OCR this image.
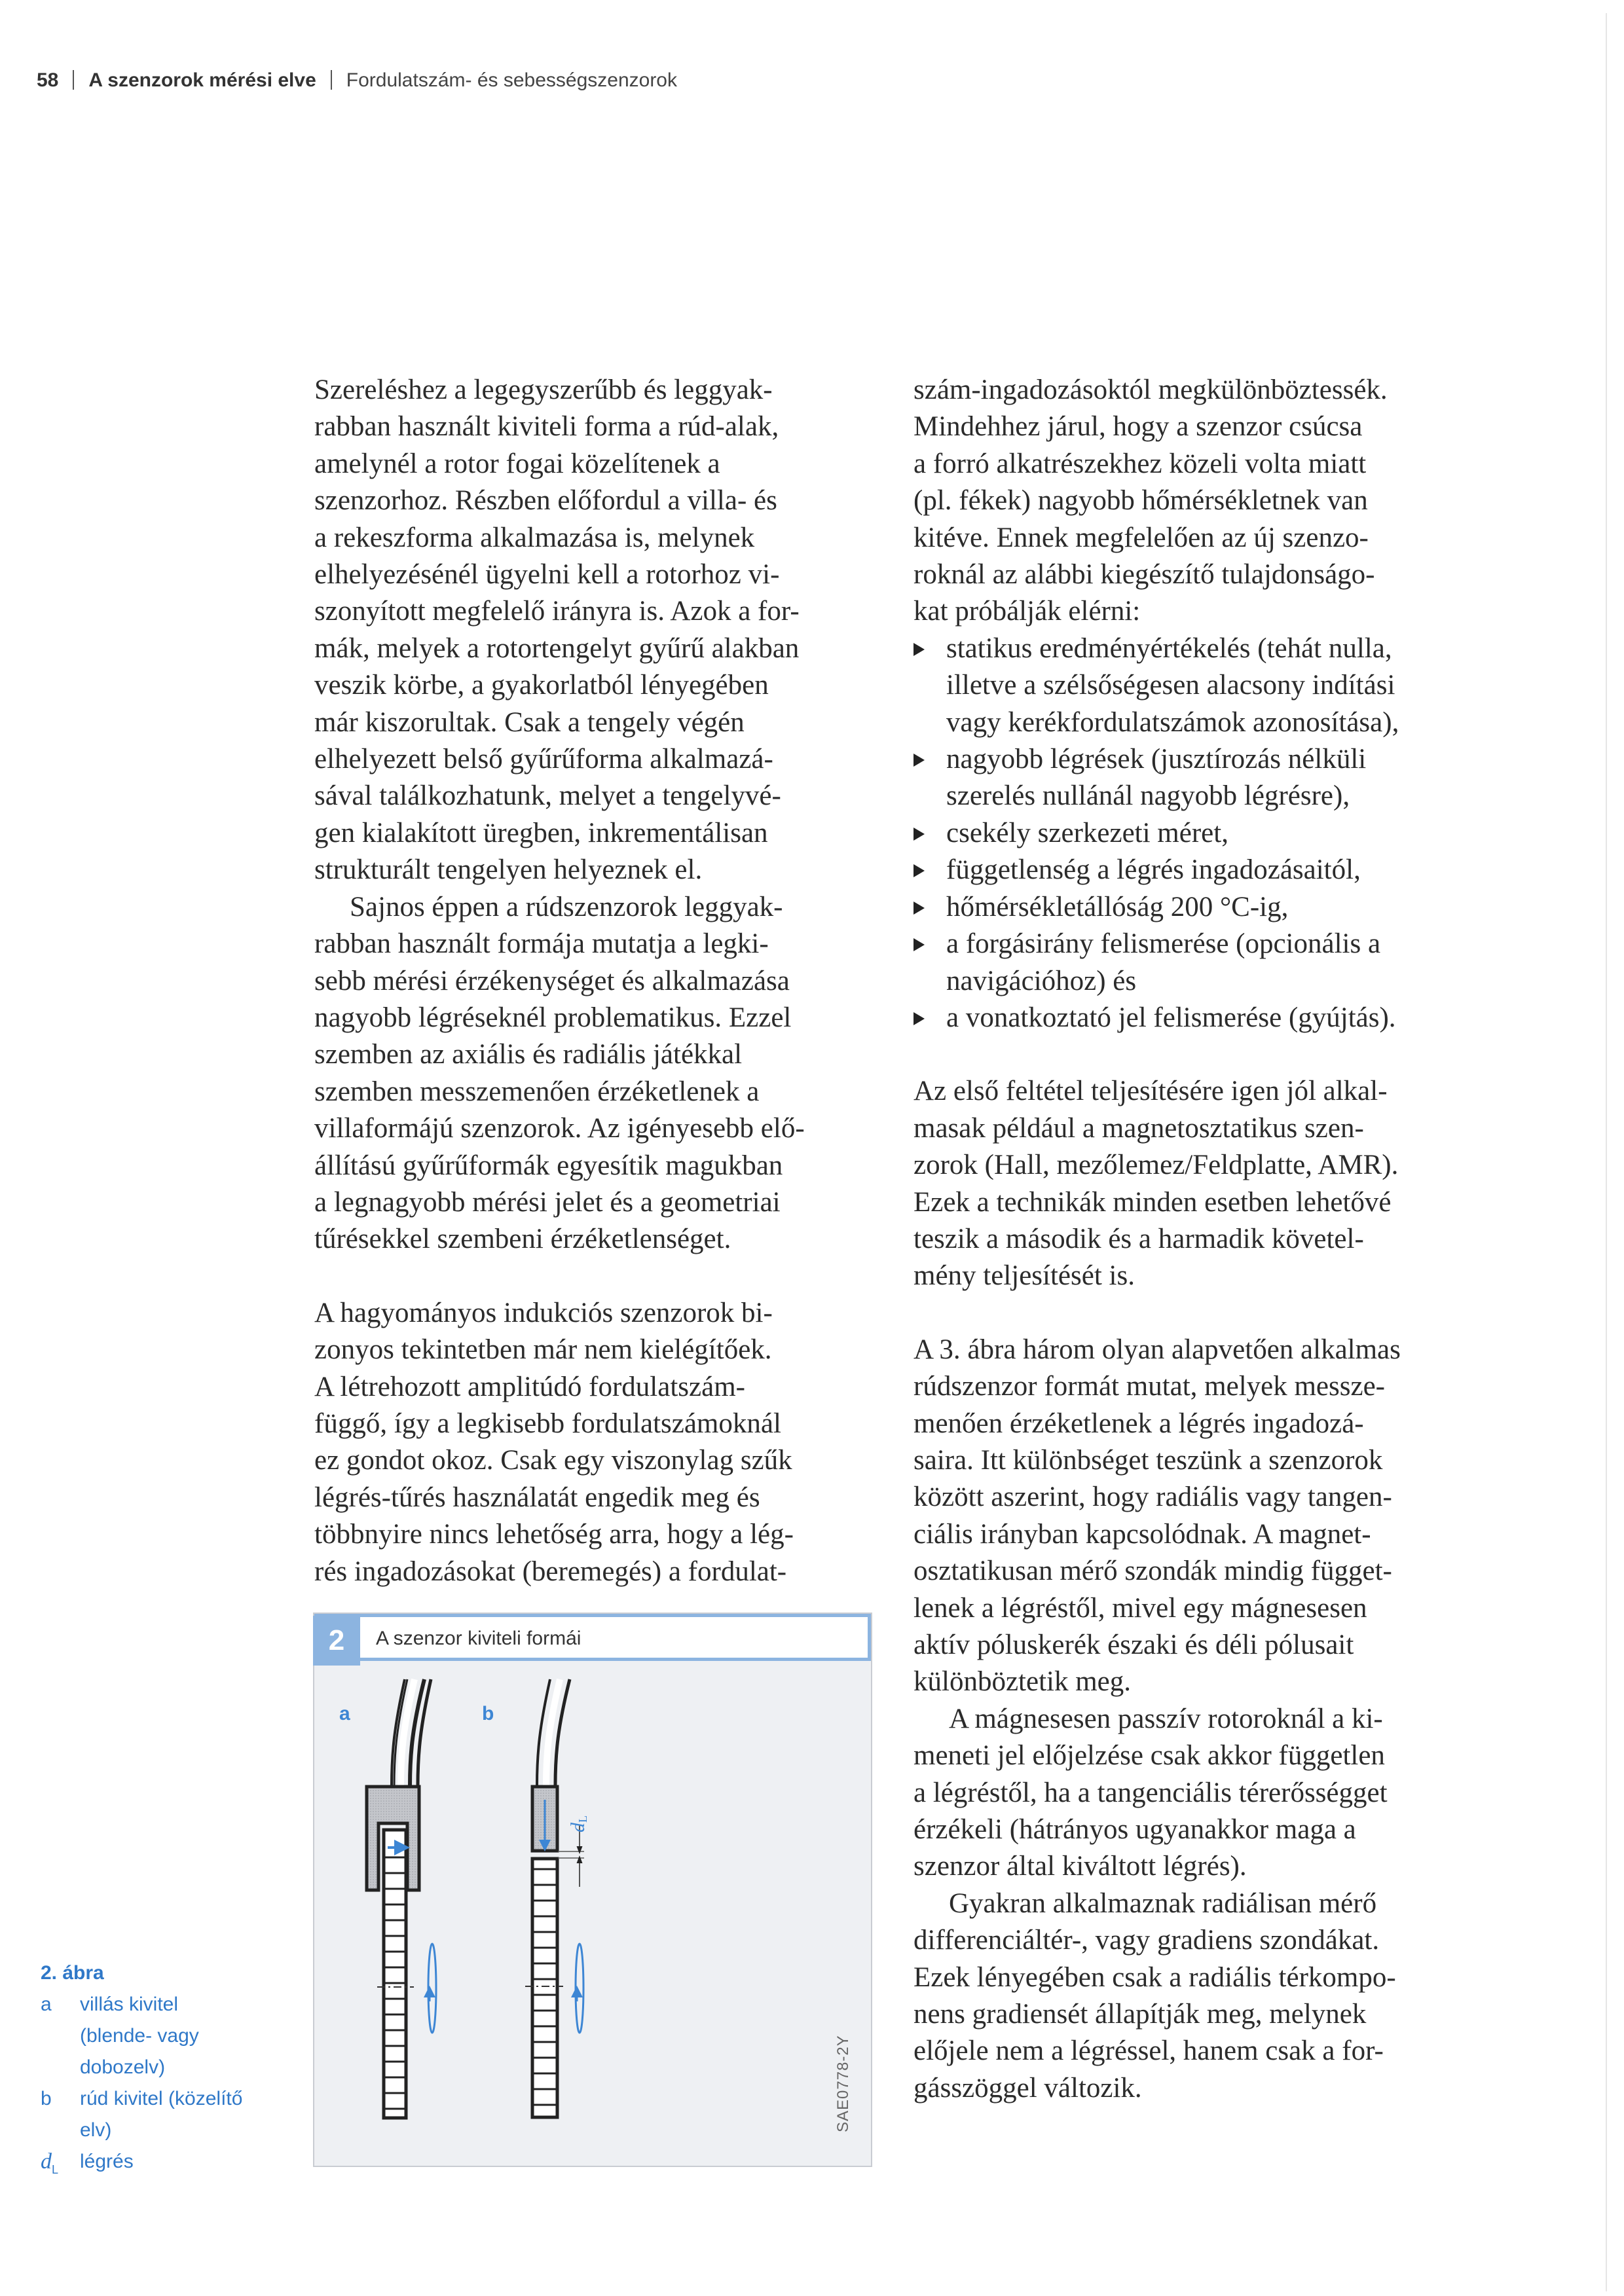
58 A szenzorok mérési elve Fordulatszám- és sebességszenzorok

Szereléshez a legegyszerűbb és leggyak-

rabban használt kiviteli forma a rúd-alak,

amelynél a rotor fogai közelítenek a

szenzorhoz. Részben előfordul a villa- és

a rekeszforma alkalmazása is, melynek

elhelyezésénél ügyelni kell a rotorhoz vi-

szonyított megfelelő irányra is. Azok a for-

mák, melyek a rotortengelyt gyűrű alakban

veszik körbe, a gyakorlatból lényegében

már kiszorultak. Csak a tengely végén

elhelyezett belső gyűrűforma alkalmazá-

sával találkozhatunk, melyet a tengelyvé-

gen kialakított üregben, inkrementálisan

strukturált tengelyen helyeznek el.

Sajnos éppen a rúdszenzorok leggyak-

rabban használt formája mutatja a legki-

sebb mérési érzékenységet és alkalmazása

nagyobb légréseknél problematikus. Ezzel

szemben az axiális és radiális játékkal

szemben messzemenően érzéketlenek a

villaformájú szenzorok. Az igényesebb elő-

állítású gyűrűformák egyesítik magukban

a legnagyobb mérési jelet és a geometriai

tűrésekkel szembeni érzéketlenséget.

A hagyományos indukciós szenzorok bi-

zonyos tekintetben már nem kielégítőek.

A létrehozott amplitúdó fordulatszám-

függő, így a legkisebb fordulatszámoknál

ez gondot okoz. Csak egy viszonylag szűk

légrés-tűrés használatát engedik meg és

többnyire nincs lehetőség arra, hogy a lég-

rés ingadozásokat (beremegés) a fordulat-

szám-ingadozásoktól megkülönböztessék.

Mindehhez járul, hogy a szenzor csúcsa

a forró alkatrészekhez közeli volta miatt

(pl. fékek) nagyobb hőmérsékletnek van

kitéve. Ennek megfelelően az új szenzo-

roknál az alábbi kiegészítő tulajdonságo-

kat próbálják elérni:

statikus eredményértékelés (tehát nulla,

illetve a szélsőségesen alacsony indítási

vagy kerékfordulatszámok azonosítása),

nagyobb légrések (jusztírozás nélküli

szerelés nullánál nagyobb légrésre),

csekély szerkezeti méret,

függetlenség a légrés ingadozásaitól,

hőmérsékletállóság 200 °C-ig,

a forgásirány felismerése (opcionális a

navigációhoz) és

a vonatkoztató jel felismerése (gyújtás).

Az első feltétel teljesítésére igen jól alkal-

masak például a magnetosztatikus szen-

zorok (Hall, mezőlemez/Feldplatte, AMR).

Ezek a technikák minden esetben lehetővé

teszik a második és a harmadik követel-

mény teljesítését is.

A 3. ábra három olyan alapvetően alkalmas

rúdszenzor formát mutat, melyek messze-

menően érzéketlenek a légrés ingadozá-

saira. Itt különbséget teszünk a szenzorok

között aszerint, hogy radiális vagy tangen-

ciális irányban kapcsolódnak. A magnet-

osztatikusan mérő szondák mindig függet-

lenek a légréstől, mivel egy mágnesesen

aktív póluskerék északi és déli pólusait

különböztetik meg.

A mágnesesen passzív rotoroknál a ki-

meneti jel előjelzése csak akkor független

a légréstől, ha a tangenciális térerősségget

érzékeli (hátrányos ugyanakkor maga a

szenzor által kiváltott légrés).

Gyakran alkalmaznak radiálisan mérő

differenciáltér-, vagy gradiens szondákat.

Ezek lényegében csak a radiális térkompo-

nens gradiensét állapítják meg, melynek

előjele nem a légréssel, hanem csak a for-

gásszöggel változik.

2	A szenzor kiviteli formái
a	b
dL
SAE0778-2Y
2. ábra
a	villás kivitel
(blende- vagy
dobozelv)
b	rúd kivitel (közelítő
elv)
$d_L$	légrés
